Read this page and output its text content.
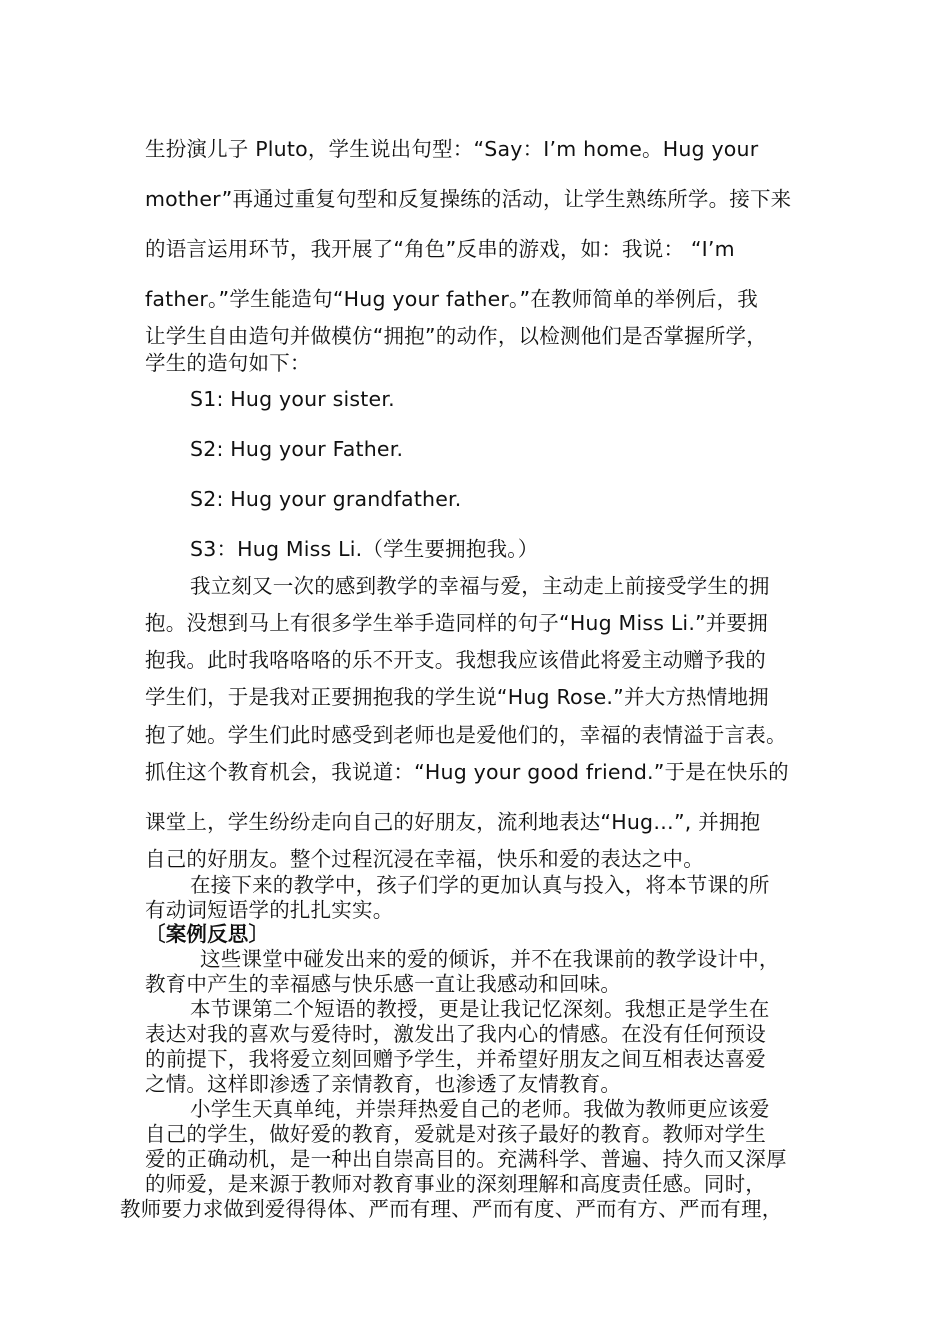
生扮演儿子 Pluto，学生说出句型：“Say：I’m home。Hug your
mother”再通过重复句型和反复操练的活动，让学生熟练所学。接下来
的语言运用环节，我开展了“角色”反串的游戏，如：我说： “I’m
father。”学生能造句“Hug your father。”在教师简单的举例后，我
让学生自由造句并做模仿“拥抱”的动作，以检测他们是否掌握所学，
学生的造句如下：
S1: Hug your sister.
S2: Hug your Father.
S2: Hug your grandfather.
S3：Hug Miss Li.（学生要拥抱我。）
我立刻又一次的感到教学的幸福与爱，主动走上前接受学生的拥
抱。没想到马上有很多学生举手造同样的句子“Hug Miss Li.”并要拥
抱我。此时我咯咯咯的乐不开支。我想我应该借此将爱主动赠予我的
学生们，于是我对正要拥抱我的学生说“Hug Rose.”并大方热情地拥
抱了她。学生们此时感受到老师也是爱他们的，幸福的表情溢于言表。
抓住这个教育机会，我说道：“Hug your good friend.”于是在快乐的
课堂上，学生纷纷走向自己的好朋友，流利地表达“Hug…”, 并拥抱
自己的好朋友。整个过程沉浸在幸福，快乐和爱的表达之中。
在接下来的教学中，孩子们学的更加认真与投入，将本节课的所
有动词短语学的扎扎实实。
〔案例反思〕
这些课堂中碰发出来的爱的倾诉，并不在我课前的教学设计中，
教育中产生的幸福感与快乐感一直让我感动和回味。
本节课第二个短语的教授，更是让我记忆深刻。我想正是学生在
表达对我的喜欢与爱待时，激发出了我内心的情感。在没有任何预设
的前提下，我将爱立刻回赠予学生，并希望好朋友之间互相表达喜爱
之情。这样即渗透了亲情教育，也渗透了友情教育。
小学生天真单纯，并崇拜热爱自己的老师。我做为教师更应该爱
自己的学生，做好爱的教育，爱就是对孩子最好的教育。教师对学生
爱的正确动机，是一种出自崇高目的。充满科学、普遍、持久而又深厚
的师爱，是来源于教师对教育事业的深刻理解和高度责任感。同时，
教师要力求做到爱得得体、严而有理、严而有度、严而有方、严而有理，
